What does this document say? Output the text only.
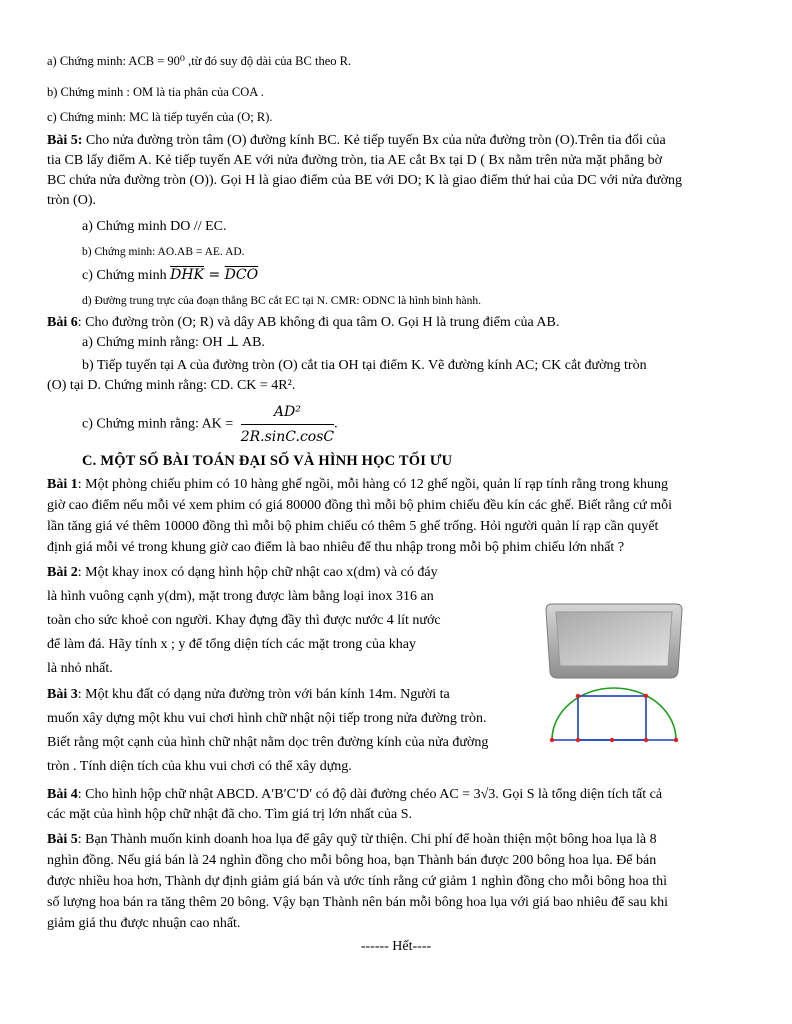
a) Chứng minh: ACB = 90⁰ ,từ đó suy độ dài của BC theo R.
b) Chứng minh : OM là tia phân của COA .
c) Chứng minh: MC là tiếp tuyến của (O; R).
Bài 5: Cho nửa đường tròn tâm (O) đường kính BC. Kẻ tiếp tuyến Bx của nửa đường tròn (O).Trên tia đối của
tia CB lấy điểm A. Kẻ tiếp tuyến AE với nửa đường tròn, tia AE cắt Bx tại D ( Bx nằm trên nửa mặt phẳng bờ
BC chứa nửa đường tròn (O)). Gọi H là giao điểm của BE với DO; K là giao điểm thứ hai của DC với nửa đường
tròn (O).
a) Chứng minh DO // EC.
b) Chứng minh: AO.AB = AE. AD.
c) Chứng minh $\overline{DHK} = \overline{DCO}$
d) Đường trung trực của đoạn thẳng BC cắt EC tại N. CMR: ODNC là hình bình hành.
Bài 6: Cho đường tròn (O; R) và dây AB không đi qua tâm O. Gọi H là trung điểm của AB.
a) Chứng minh rằng: OH ⊥ AB.
b) Tiếp tuyến tại A của đường tròn (O) cắt tia OH tại điểm K. Vẽ đường kính AC; CK cắt đường tròn
(O) tại D. Chứng minh rằng: CD. CK = 4R².
c) Chứng minh rằng: AK = $\frac{\text{AD²}}{2R.\sin C.\cos C}$ .
C. MỘT SỐ BÀI TOÁN ĐẠI SỐ VÀ HÌNH HỌC TỐI ƯU
Bài 1: Một phòng chiếu phim có 10 hàng ghế ngồi, mỗi hàng có 12 ghế ngồi, quản lí rạp tính rằng trong khung
giờ cao điểm nếu mỗi vé xem phim có giá 80000 đồng thì mỗi bộ phim chiếu đều kín các ghế. Biết rằng cứ mỗi
lần tăng giá vé thêm 10000 đồng thì mỗi bộ phim chiếu có thêm 5 ghế trống. Hỏi người quản lí rạp cần quyết
định giá mỗi vé trong khung giờ cao điểm là bao nhiêu để thu nhập trong mỗi bộ phim chiếu lớn nhất ?
Bài 2: Một khay inox có dạng hình hộp chữ nhật cao x(dm) và có đáy
là hình vuông cạnh y(dm), mặt trong được làm bằng loại inox 316 an
toàn cho sức khoẻ con người. Khay đựng đầy thì được nước 4 lít nước
để làm đá. Hãy tính x ; y để tổng diện tích các mặt trong của khay
là nhỏ nhất.
Bài 3: Một khu đất có dạng nửa đường tròn với bán kính 14m. Người ta
muốn xây dựng một khu vui chơi hình chữ nhật nội tiếp trong nửa đường tròn.
Biết rằng một cạnh của hình chữ nhật nằm dọc trên đường kính của nửa đường
tròn . Tính diện tích của khu vui chơi có thể xây dựng.
Bài 4: Cho hình hộp chữ nhật ABCD. A′B′C′D′ có độ dài đường chéo AC = 3√3. Gọi S là tổng diện tích tất cả
các mặt của hình hộp chữ nhật đã cho. Tìm giá trị lớn nhất của S.
Bài 5: Bạn Thành muốn kinh doanh hoa lụa để gây quỹ từ thiện. Chi phí để hoàn thiện một bông hoa lụa là 8
nghìn đồng. Nếu giá bán là 24 nghìn đồng cho mỗi bông hoa, bạn Thành bán được 200 bông hoa lụa. Để bán
được nhiều hoa hơn, Thành dự định giảm giá bán và ước tính rằng cứ giảm 1 nghìn đồng cho mỗi bông hoa thì
số lượng hoa bán ra tăng thêm 20 bông. Vậy bạn Thành nên bán mỗi bông hoa lụa với giá bao nhiêu để sau khi
giảm giá thu được nhuận cao nhất.
------ Hết----
